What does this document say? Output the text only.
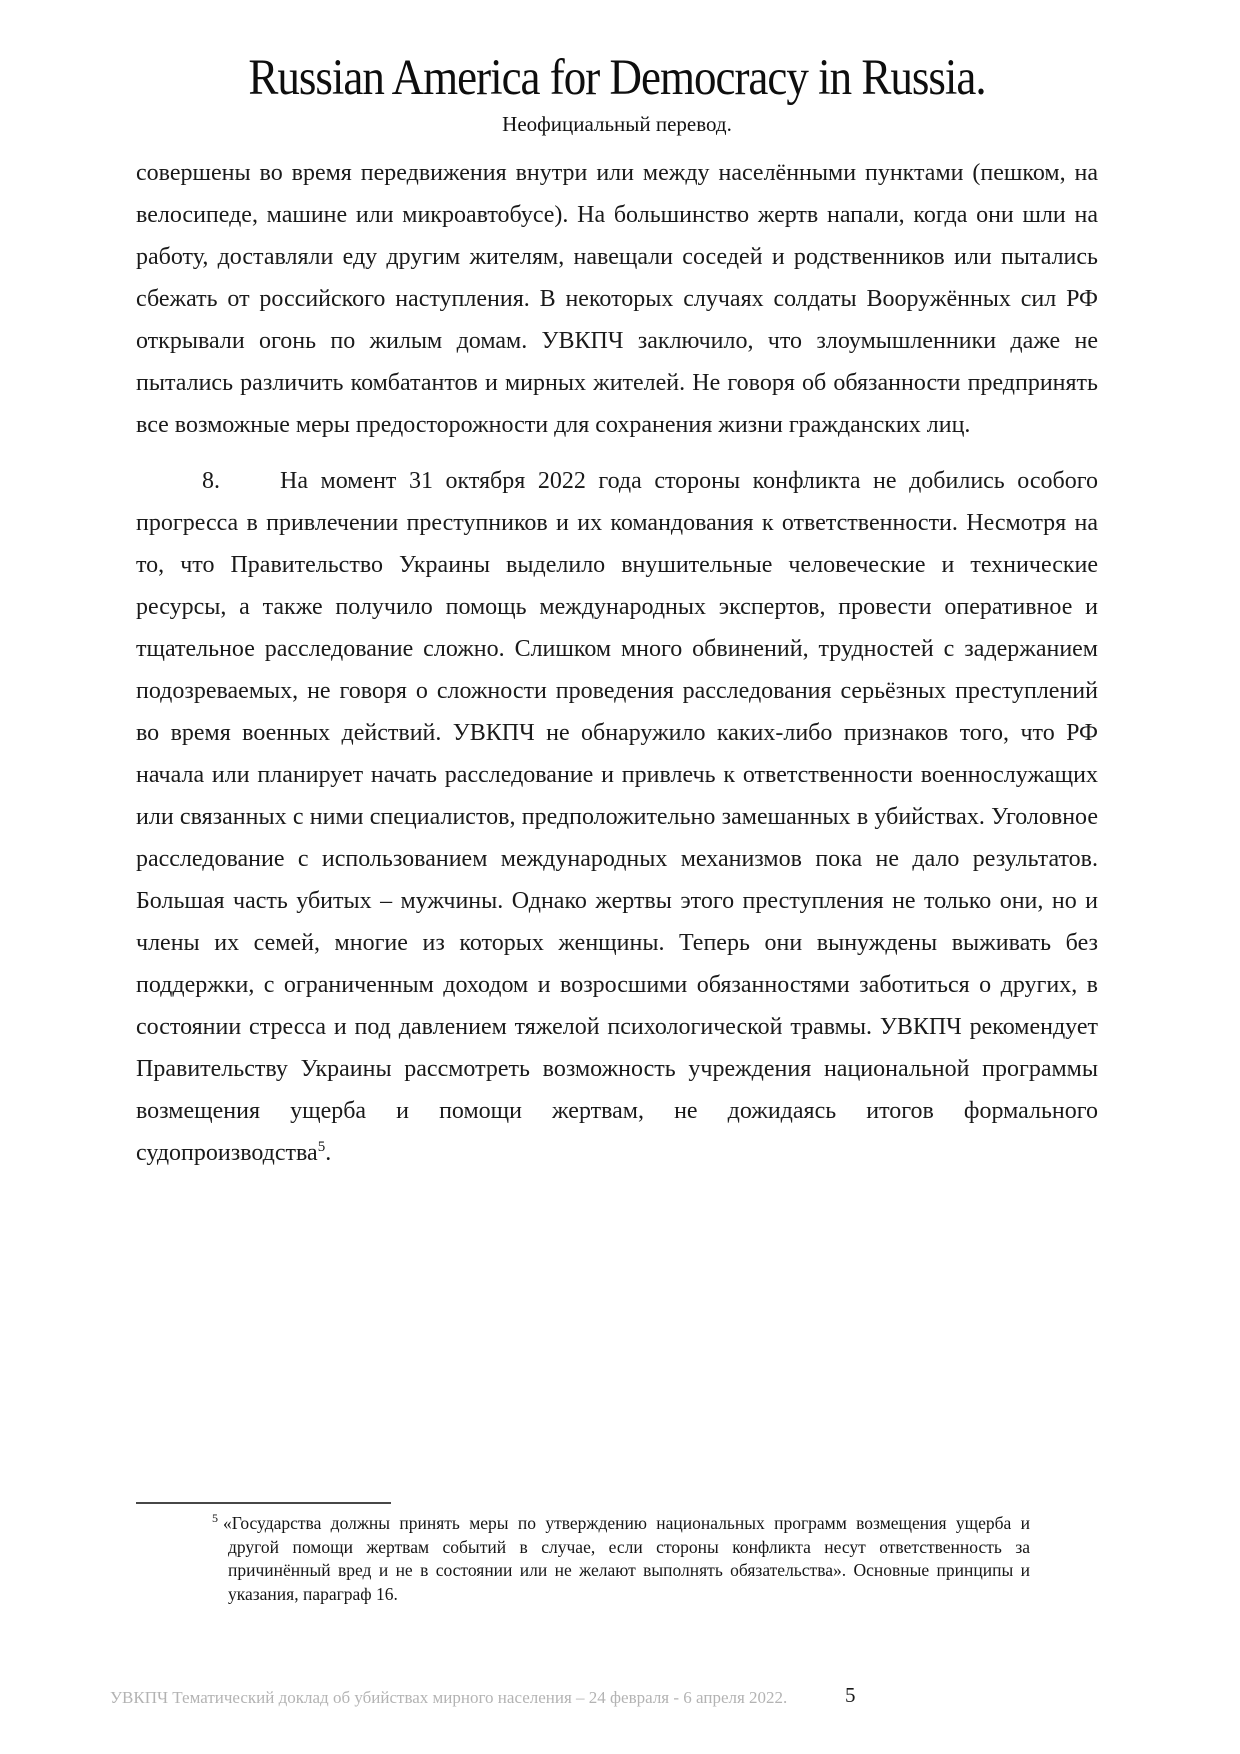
Russian America for Democracy in Russia.
Неофициальный перевод.

совершены во время передвижения внутри или между населёнными пунктами (пешком, на велосипеде, машине или микроавтобусе). На большинство жертв напали, когда они шли на работу, доставляли еду другим жителям, навещали соседей и родственников или пытались сбежать от российского наступления. В некоторых случаях солдаты Вооружённых сил РФ открывали огонь по жилым домам. УВКПЧ заключило, что злоумышленники даже не пытались различить комбатантов и мирных жителей. Не говоря об обязанности предпринять все возможные меры предосторожности для сохранения жизни гражданских лиц.

8.	На момент 31 октября 2022 года стороны конфликта не добились особого прогресса в привлечении преступников и их командования к ответственности. Несмотря на то, что Правительство Украины выделило внушительные человеческие и технические ресурсы, а также получило помощь международных экспертов, провести оперативное и тщательное расследование сложно. Слишком много обвинений, трудностей с задержанием подозреваемых, не говоря о сложности проведения расследования серьёзных преступлений во время военных действий. УВКПЧ не обнаружило каких-либо признаков того, что РФ начала или планирует начать расследование и привлечь к ответственности военнослужащих или связанных с ними специалистов, предположительно замешанных в убийствах. Уголовное расследование с использованием международных механизмов пока не дало результатов. Большая часть убитых – мужчины. Однако жертвы этого преступления не только они, но и члены их семей, многие из которых женщины. Теперь они вынуждены выживать без поддержки, с ограниченным доходом и возросшими обязанностями заботиться о других, в состоянии стресса и под давлением тяжелой психологической травмы. УВКПЧ рекомендует Правительству Украины рассмотреть возможность учреждения национальной программы возмещения ущерба и помощи жертвам, не дожидаясь итогов формального судопроизводства$^5$.

$^5$ «Государства должны принять меры по утверждению национальных программ возмещения ущерба и другой помощи жертвам событий в случае, если стороны конфликта несут ответственность за причинённый вред и не в состоянии или не желают выполнять обязательства». Основные принципы и указания, параграф 16.
УВКПЧ Тематический доклад об убийствах мирного населения – 24 февраля - 6 апреля 2022.	5
